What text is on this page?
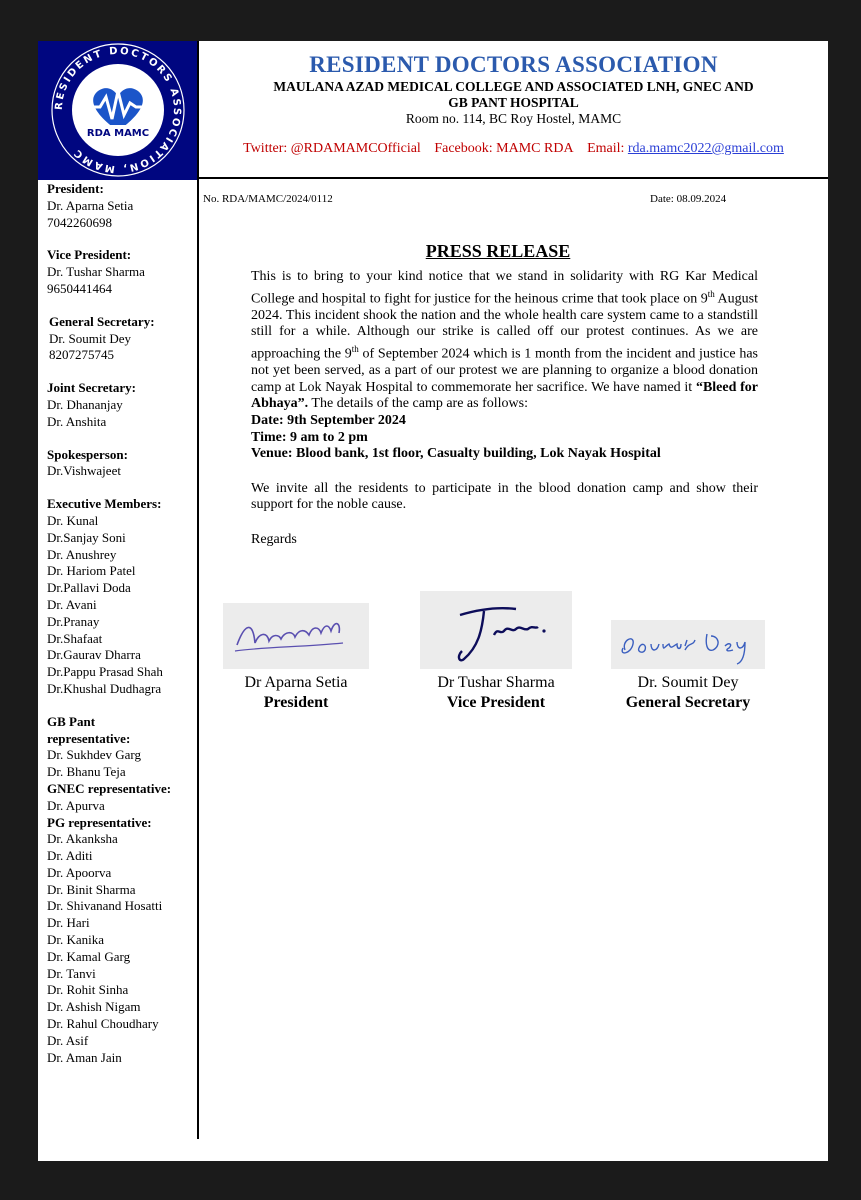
RESIDENT DOCTORS ASSOCIATION, MAMC
RDA MAMC
RESIDENT DOCTORS ASSOCIATION
MAULANA AZAD MEDICAL COLLEGE AND ASSOCIATED LNH, GNEC AND
GB PANT HOSPITAL
Room no. 114, BC Roy Hostel, MAMC
Twitter: @RDAMAMCOfficial Facebook: MAMC RDA Email: rda.mamc2022@gmail.com
President:
Dr. Aparna Setia
7042260698
Vice President:
Dr. Tushar Sharma
9650441464
General Secretary:
Dr. Soumit Dey
8207275745
Joint Secretary:
Dr. Dhananjay
Dr. Anshita
Spokesperson:
Dr.Vishwajeet
Executive Members:
Dr. Kunal
Dr.Sanjay Soni
Dr. Anushrey
Dr. Hariom Patel
Dr.Pallavi Doda
Dr. Avani
Dr.Pranay
Dr.Shafaat
Dr.Gaurav Dharra
Dr.Pappu Prasad Shah
Dr.Khushal Dudhagra
GB Pant
representative:
Dr. Sukhdev Garg
Dr. Bhanu Teja
GNEC representative:
Dr. Apurva
PG representative:
Dr. Akanksha
Dr. Aditi
Dr. Apoorva
Dr. Binit Sharma
Dr. Shivanand Hosatti
Dr. Hari
Dr. Kanika
Dr. Kamal Garg
Dr. Tanvi
Dr. Rohit Sinha
Dr. Ashish Nigam
Dr. Rahul Choudhary
Dr. Asif
Dr. Aman Jain
No. RDA/MAMC/2024/0112	Date: 08.09.2024
PRESS RELEASE

This is to bring to your kind notice that we stand in solidarity with RG Kar Medical College and hospital to fight for justice for the heinous crime that took place on 9th August 2024. This incident shook the nation and the whole health care system came to a standstill still for a while. Although our strike is called off our protest continues. As we are approaching the 9th of September 2024 which is 1 month from the incident and justice has not yet been served, as a part of our protest we are planning to organize a blood donation camp at Lok Nayak Hospital to commemorate her sacrifice. We have named it “Bleed for Abhaya”. The details of the camp are as follows:

Date: 9th September 2024

Time: 9 am to 2 pm

Venue: Blood bank, 1st floor, Casualty building, Lok Nayak Hospital

We invite all the residents to participate in the blood donation camp and show their support for the noble cause.

Regards

Dr Aparna Setia
President
Dr Tushar Sharma
Vice President
Dr. Soumit Dey
General Secretary
